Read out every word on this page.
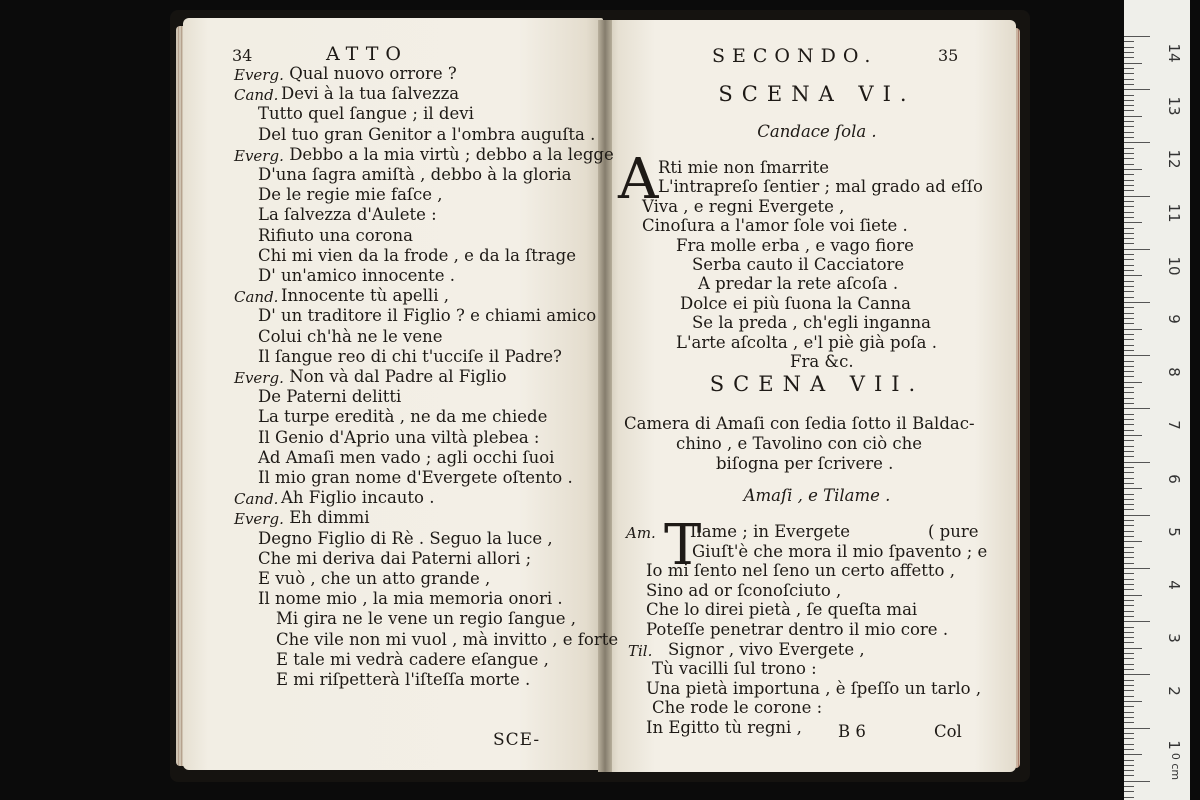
34	ATTO
Everg. Qual nuovo orrore ?
Cand. Devi à la tua ſalvezza
Tutto quel ſangue ; il devi
Del tuo gran Genitor a l'ombra auguſta .
Everg. Debbo a la mia virtù ; debbo a la legge
D'una ſagra amiſtà , debbo à la gloria
De le regie mie faſce ,
La ſalvezza d'Aulete :
Rifiuto una corona
Chi mi vien da la frode , e da la ſtrage
D' un'amico innocente .
Cand. Innocente tù apelli ,
D' un traditore il Figlio ? e chiami amico
Colui ch'hà ne le vene
Il ſangue reo di chi t'ucciſe il Padre?
Everg. Non và dal Padre al Figlio
De Paterni delitti
La turpe eredità , ne da me chiede
Il Genio d'Aprio una viltà plebea :
Ad Amaſi men vado ; agli occhi ſuoi
Il mio gran nome d'Evergete oſtento .
Cand. Ah Figlio incauto .
Everg. Eh dimmi
Degno Figlio di Rè . Seguo la luce ,
Che mi deriva dai Paterni allori ;
E vuò , che un atto grande ,
Il nome mio , la mia memoria onori .
Mi gira ne le vene un regio ſangue ,
Che vile non mi vuol , mà invitto , e forte
E tale mi vedrà cadere eſangue ,
E mi riſpetterà l'iſteſſa morte .
SCE-
SECONDO.	35
SCENA VI.
Candace ſola .
A Rti mie non ſmarrite
L'intrapreſo ſentier ; mal grado ad eſſo
Viva , e regni Evergete ,
Cinoſura a l'amor ſole voi ſiete .
Fra molle erba , e vago fiore
Serba cauto il Cacciatore
A predar la rete aſcoſa .
Dolce ei più ſuona la Canna
Se la preda , ch'egli inganna
L'arte aſcolta , e'l piè già poſa .
Fra &c.
SCENA VII.
Camera di Amaſi con ſedia ſotto il Baldac-
chino , e Tavolino con ciò che
biſogna per ſcrivere .
Amaſi , e Tilame .
T	( pure
Am. Ilame ; in Evergete
Giuſt'è che mora il mio ſpavento ; e
Io mi ſento nel ſeno un certo affetto ,
Sino ad or ſconoſciuto ,
Che lo direi pietà , ſe queſta mai
Poteſſe penetrar dentro il mio core .
Til. Signor , vivo Evergete ,
Tù vacilli ſul trono :
Una pietà importuna , è ſpeſſo un tarlo ,
Che rode le corone :
In Egitto tù regni , B 6	Col
14
13
12
11
10
9
8
7
6
5
4
3
2
1
0 cm
